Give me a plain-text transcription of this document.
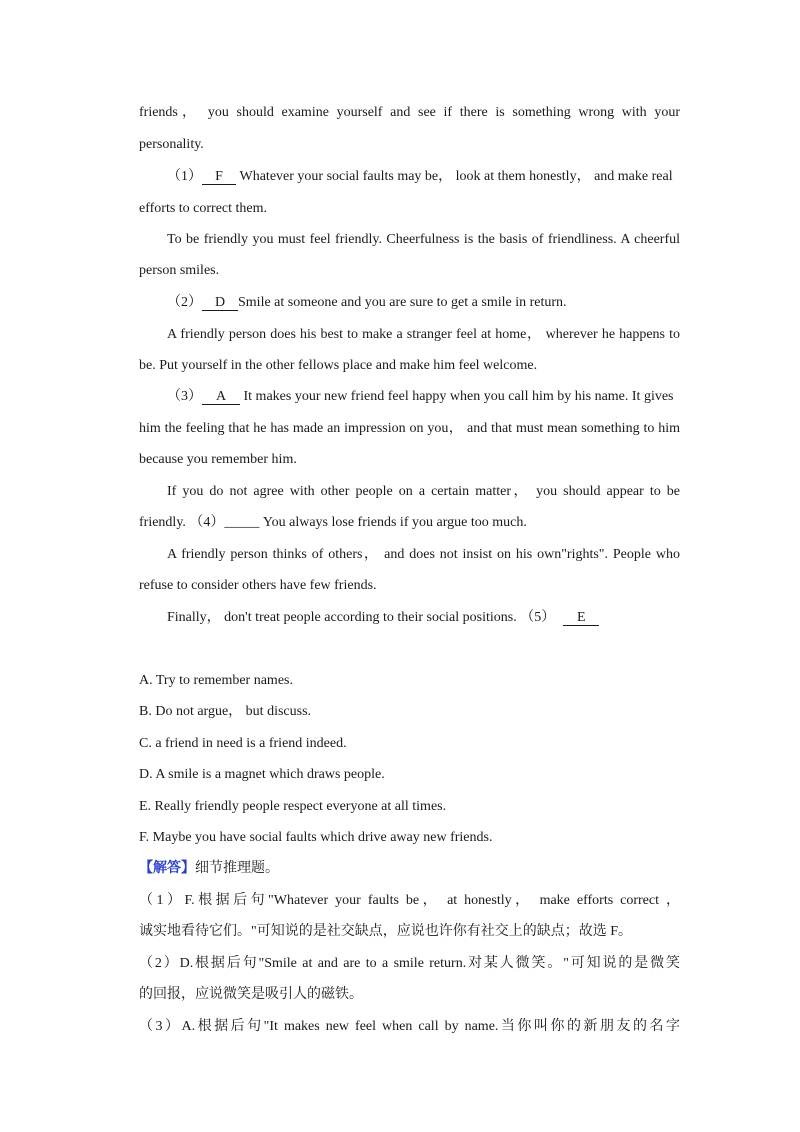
friends， you should examine yourself and see if there is something wrong with your
personality.
（1） F Whatever your social faults may be， look at them honestly， and make real
efforts to correct them.
To be friendly you must feel friendly. Cheerfulness is the basis of friendliness. A cheerful
person smiles.
（2） D Smile at someone and you are sure to get a smile in return.
A friendly person does his best to make a stranger feel at home， wherever he happens to
be. Put yourself in the other fellows place and make him feel welcome.
（3） A It makes your new friend feel happy when you call him by his name. It gives
him the feeling that he has made an impression on you， and that must mean something to him
because you remember him.
If you do not agree with other people on a certain matter， you should appear to be
friendly. （4）_____ You always lose friends if you argue too much.
A friendly person thinks of others， and does not insist on his own"rights". People who
refuse to consider others have few friends.
Finally， don't treat people according to their social positions. （5） E
A. Try to remember names.
B. Do not argue， but discuss.
C. a friend in need is a friend indeed.
D. A smile is a magnet which draws people.
E. Really friendly people respect everyone at all times.
F. Maybe you have social faults which drive away new friends.
【解答】细节推理题。
（1）F.根据后句"Whatever your faults be， at honestly， make efforts correct ，
诚实地看待它们。"可知说的是社交缺点，应说也许你有社交上的缺点；故选 F。
（2）D.根据后句"Smile at and are to a smile return.对某人微笑。"可知说的是微笑
的回报，应说微笑是吸引人的磁铁。
（3）A.根据后句"It makes new feel when call by name.当你叫你的新朋友的名字
